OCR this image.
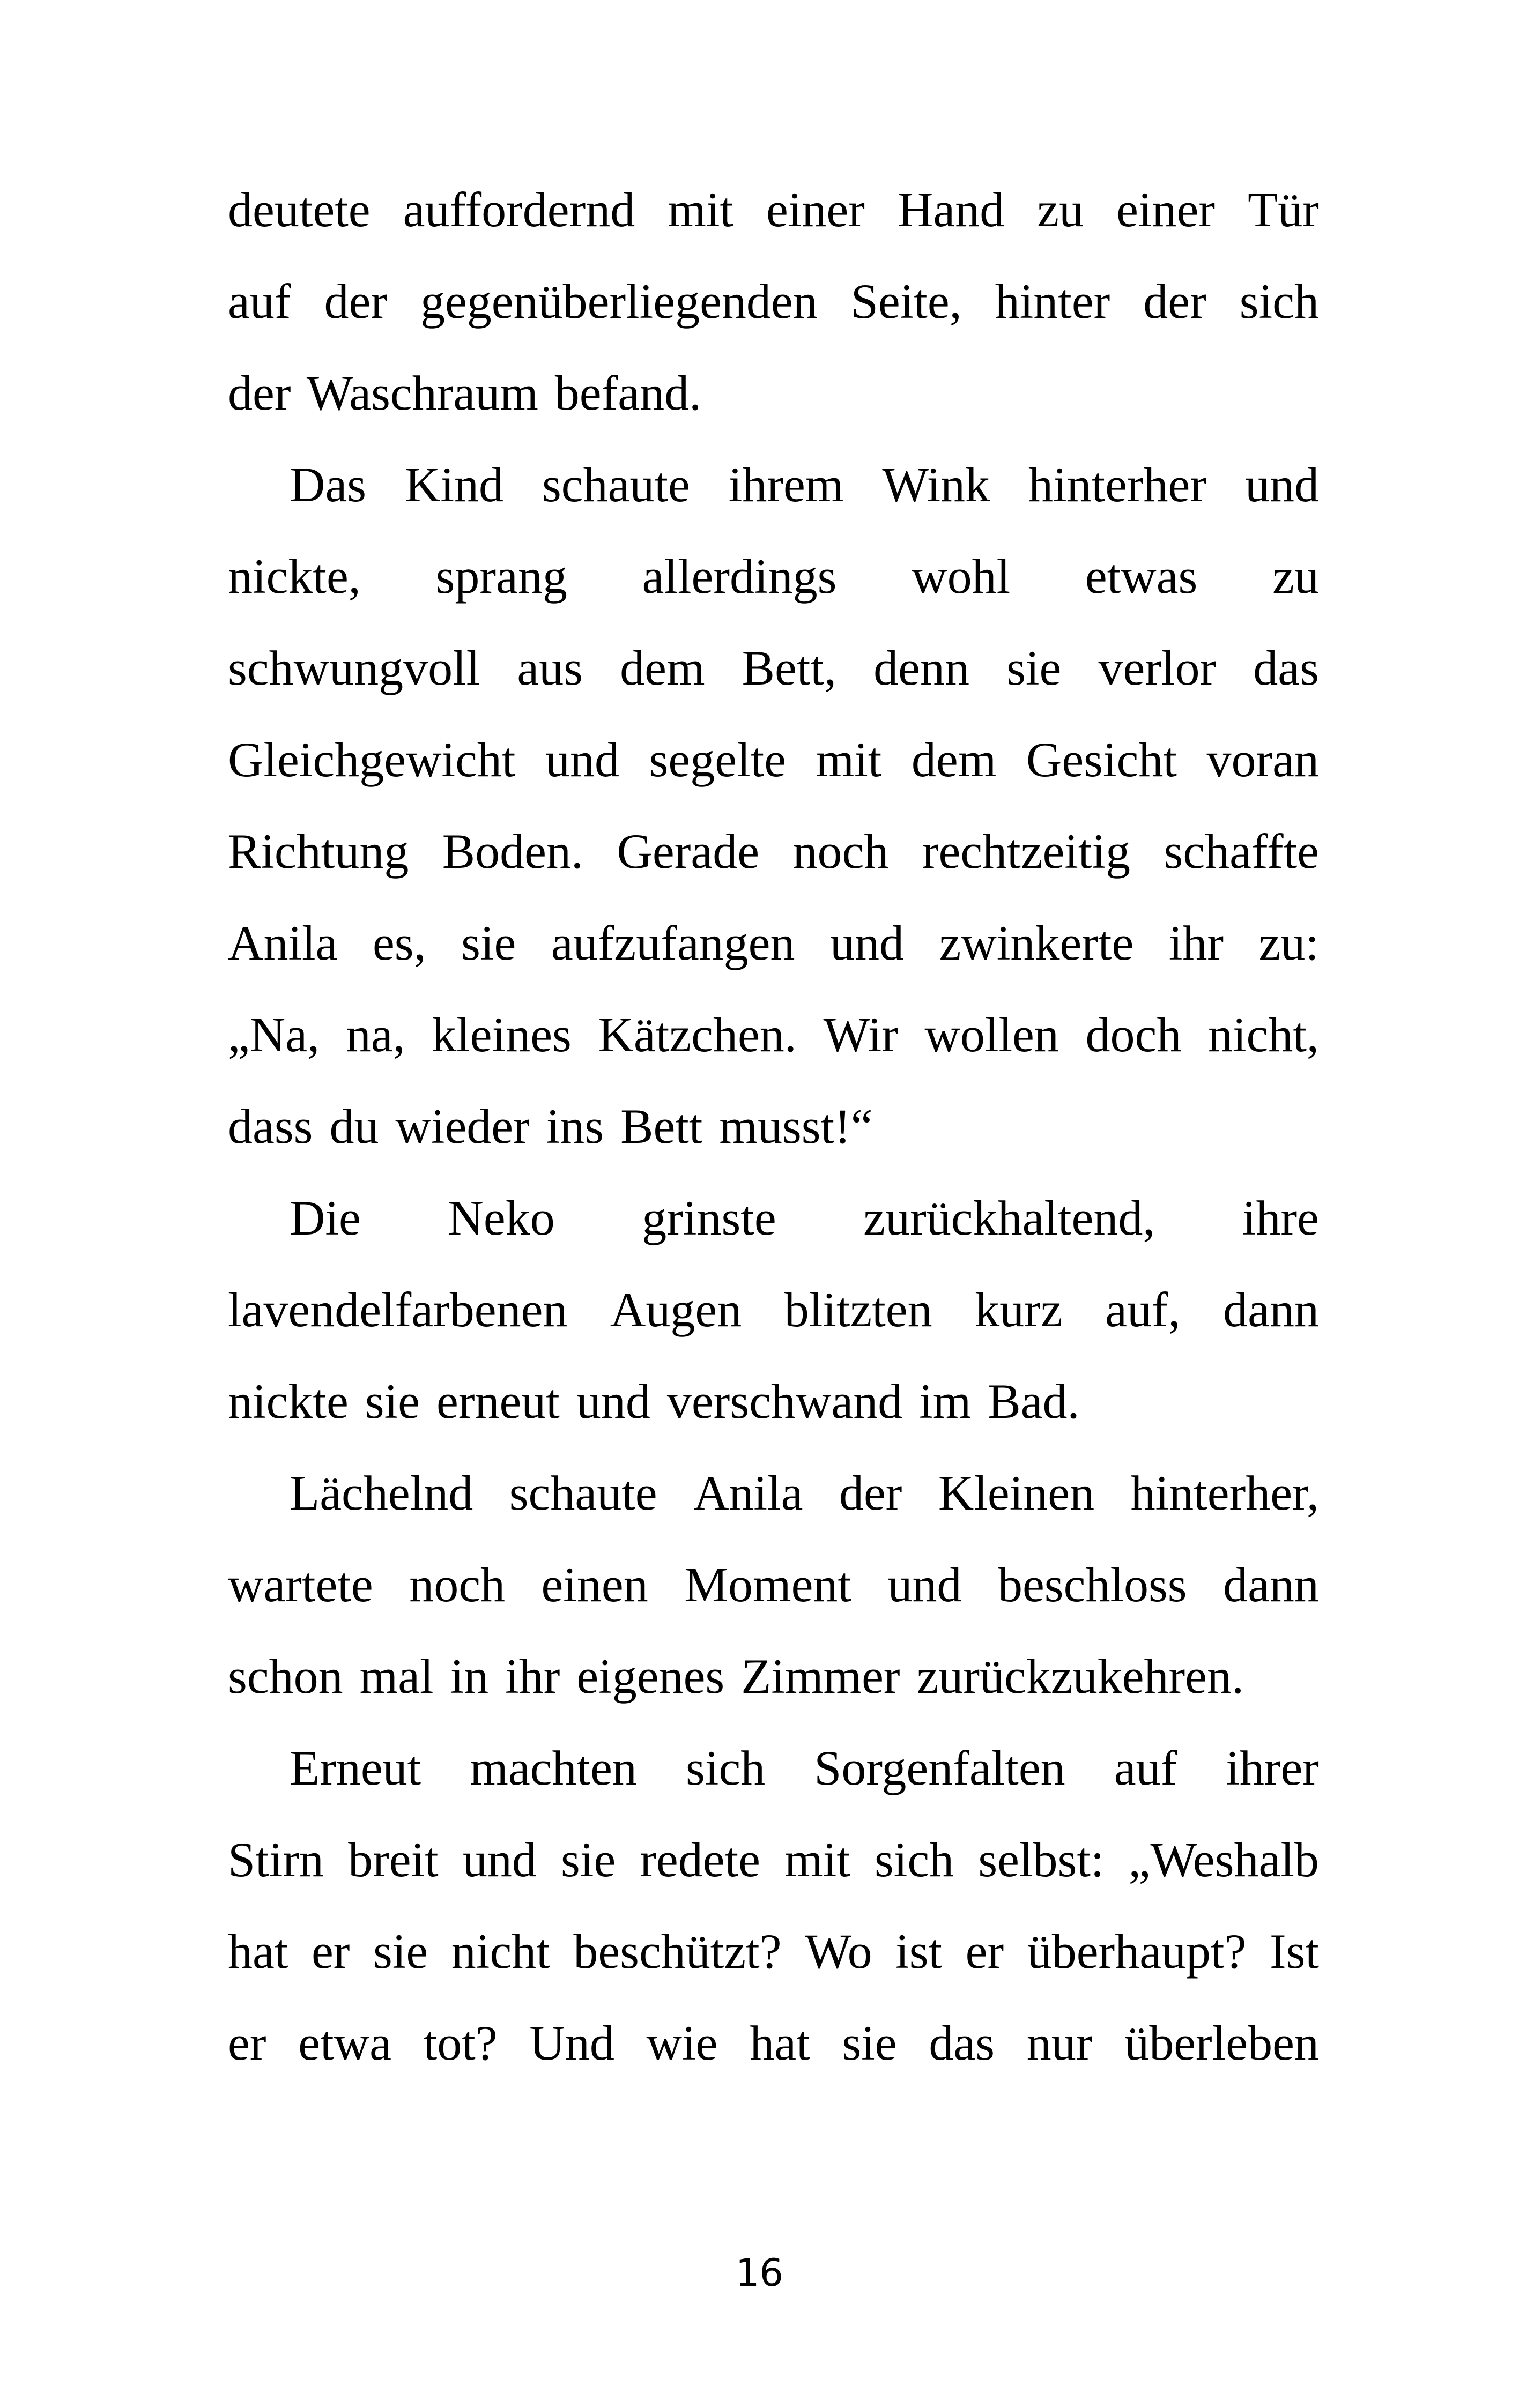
deutete auffordernd mit einer Hand zu einer Tür
auf der gegenüberliegenden Seite, hinter der sich
der Waschraum befand.
Das Kind schaute ihrem Wink hinterher und
nickte, sprang allerdings wohl etwas zu
schwungvoll aus dem Bett, denn sie verlor das
Gleichgewicht und segelte mit dem Gesicht voran
Richtung Boden. Gerade noch rechtzeitig schaffte
Anila es, sie aufzufangen und zwinkerte ihr zu:
„Na, na, kleines Kätzchen. Wir wollen doch nicht,
dass du wieder ins Bett musst!“
Die Neko grinste zurückhaltend, ihre
lavendelfarbenen Augen blitzten kurz auf, dann
nickte sie erneut und verschwand im Bad.
Lächelnd schaute Anila der Kleinen hinterher,
wartete noch einen Moment und beschloss dann
schon mal in ihr eigenes Zimmer zurückzukehren.
Erneut machten sich Sorgenfalten auf ihrer
Stirn breit und sie redete mit sich selbst: „Weshalb
hat er sie nicht beschützt? Wo ist er überhaupt? Ist
er etwa tot? Und wie hat sie das nur überleben
16
